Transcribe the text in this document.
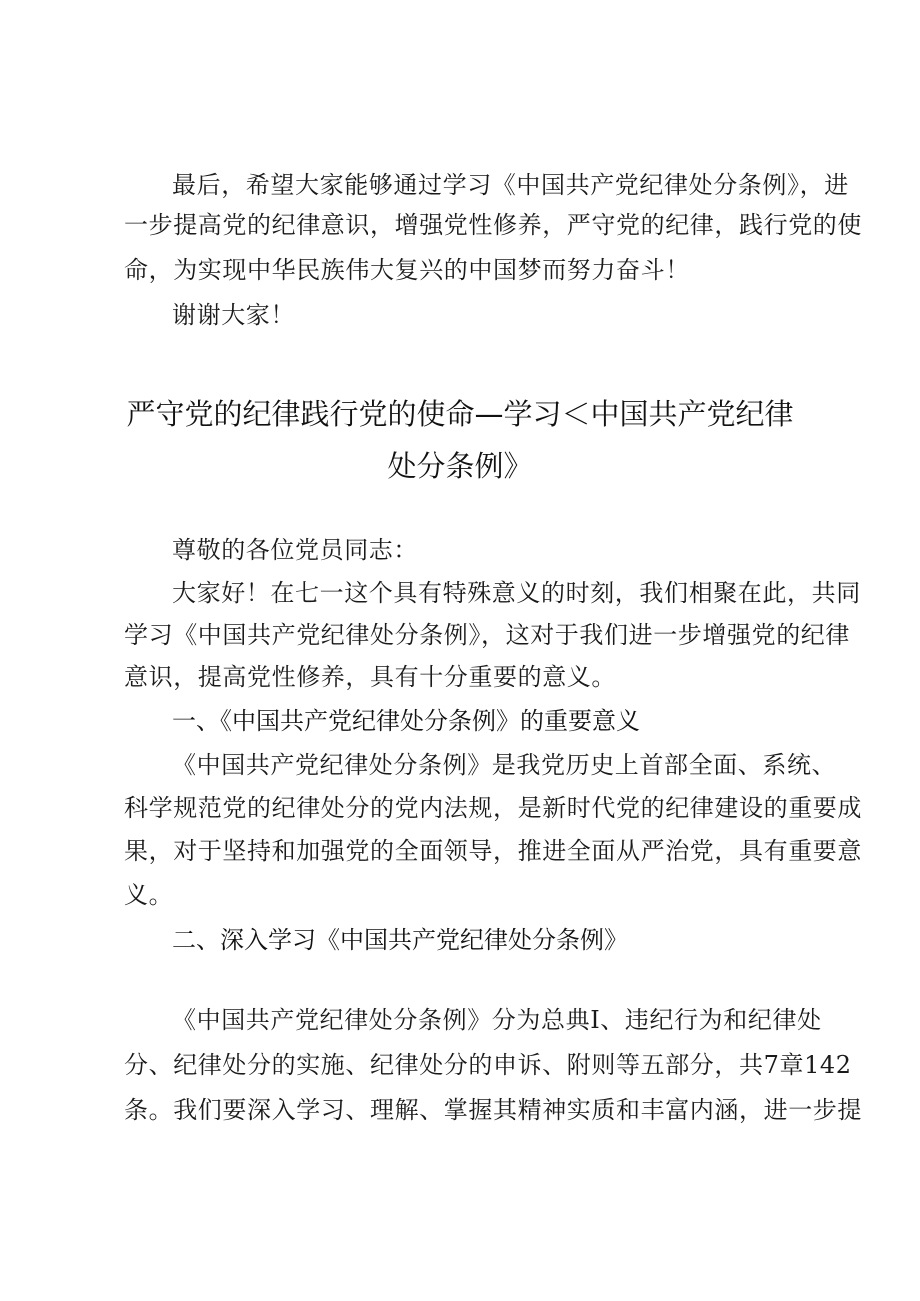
最后，希望大家能够通过学习《中国共产党纪律处分条例》，进
一步提高党的纪律意识，增强党性修养，严守党的纪律，践行党的使
命，为实现中华民族伟大复兴的中国梦而努力奋斗！
谢谢大家！
严守党的纪律践行党的使命—学习＜中国共产党纪律
处分条例》
尊敬的各位党员同志：
大家好！在七一这个具有特殊意义的时刻，我们相聚在此，共同
学习《中国共产党纪律处分条例》，这对于我们进一步增强党的纪律
意识，提高党性修养，具有十分重要的意义。
一、《中国共产党纪律处分条例》的重要意义
《中国共产党纪律处分条例》是我党历史上首部全面、系统、
科学规范党的纪律处分的党内法规，是新时代党的纪律建设的重要成
果，对于坚持和加强党的全面领导，推进全面从严治党，具有重要意
义。
二、深入学习《中国共产党纪律处分条例》
《中国共产党纪律处分条例》分为总典I、违纪行为和纪律处
分、纪律处分的实施、纪律处分的申诉、附则等五部分，共7章142
条。我们要深入学习、理解、掌握其精神实质和丰富内涵，进一步提
